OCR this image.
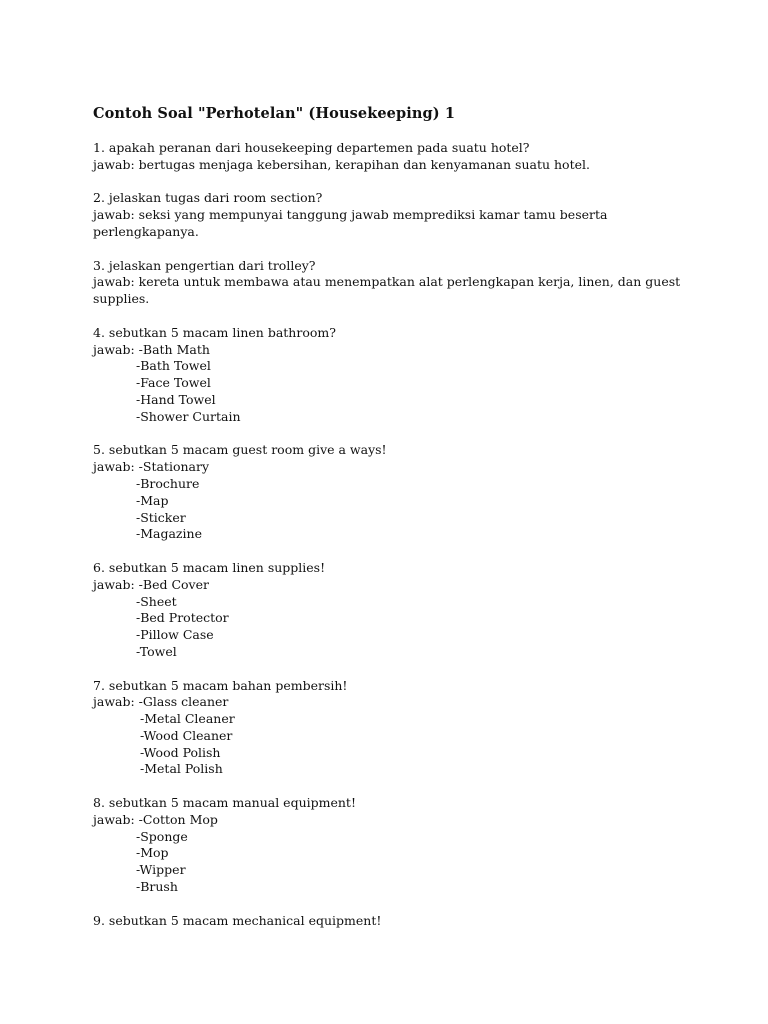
Contoh Soal "Perhotelan" (Housekeeping) 1
1. apakah peranan dari housekeeping departemen pada suatu hotel?
jawab: bertugas menjaga kebersihan, kerapihan dan kenyamanan suatu hotel.
2. jelaskan tugas dari room section?
jawab: seksi yang mempunyai tanggung jawab memprediksi kamar tamu beserta
perlengkapanya.
3. jelaskan pengertian dari trolley?
jawab: kereta untuk membawa atau menempatkan alat perlengkapan kerja, linen, dan guest
supplies.
4. sebutkan 5 macam linen bathroom?
jawab: -Bath Math
-Bath Towel
-Face Towel
-Hand Towel
-Shower Curtain
5. sebutkan 5 macam guest room give a ways!
jawab: -Stationary
-Brochure
-Map
-Sticker
-Magazine
6. sebutkan 5 macam linen supplies!
jawab: -Bed Cover
-Sheet
-Bed Protector
-Pillow Case
-Towel
7. sebutkan 5 macam bahan pembersih!
jawab: -Glass cleaner
-Metal Cleaner
-Wood Cleaner
-Wood Polish
-Metal Polish
8. sebutkan 5 macam manual equipment!
jawab: -Cotton Mop
-Sponge
-Mop
-Wipper
-Brush
9. sebutkan 5 macam mechanical equipment!
